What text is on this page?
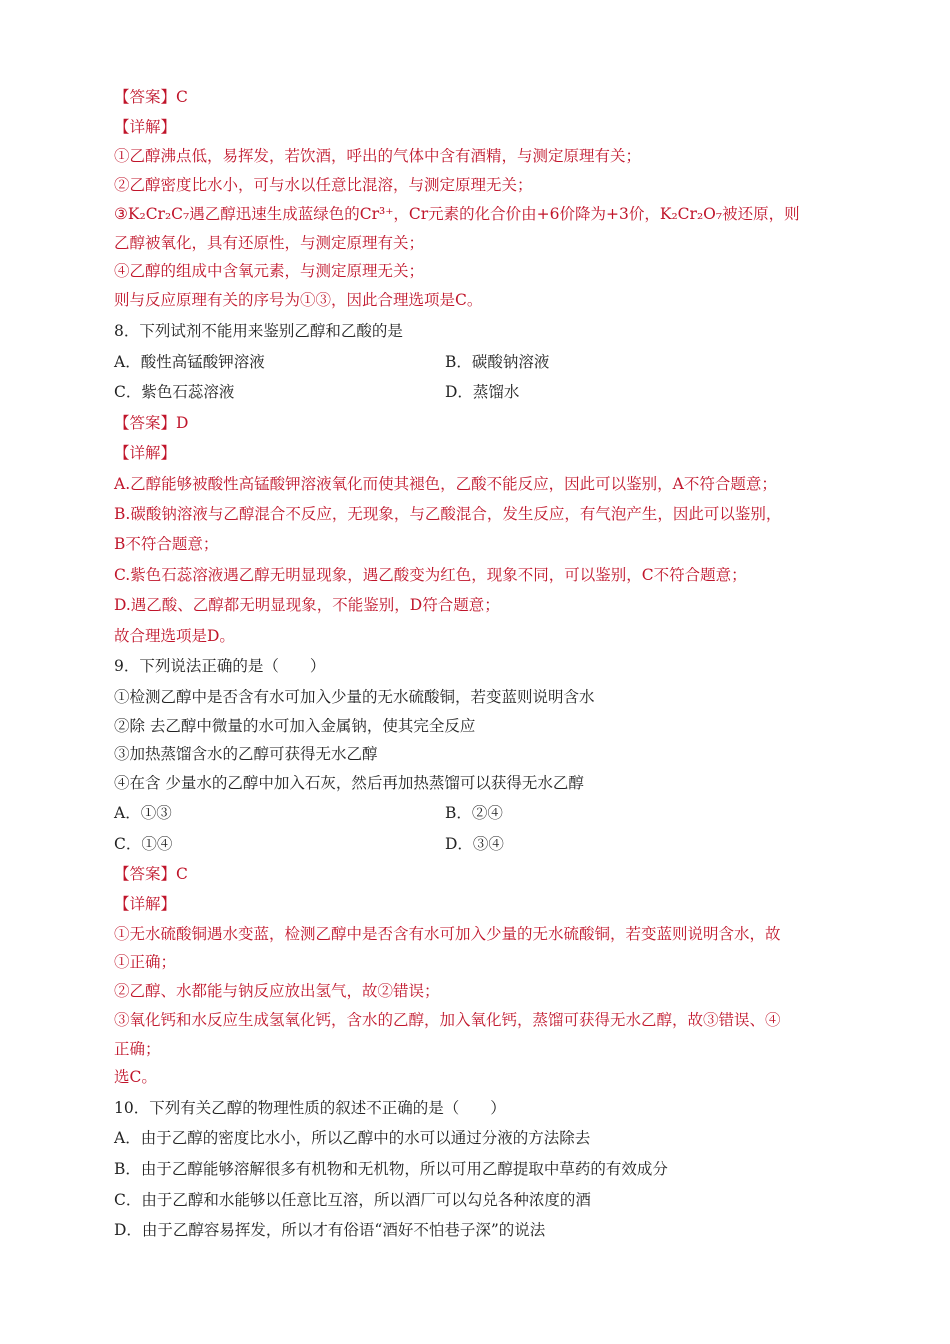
【答案】C
【详解】
①乙醇沸点低，易挥发，若饮酒，呼出的气体中含有酒精，与测定原理有关；
②乙醇密度比水小，可与水以任意比混溶，与测定原理无关；
③K₂Cr₂C₇遇乙醇迅速生成蓝绿色的Cr³⁺，Cr元素的化合价由+6价降为+3价，K₂Cr₂O₇被还原，则
乙醇被氧化，具有还原性，与测定原理有关；
④乙醇的组成中含氧元素，与测定原理无关；
则与反应原理有关的序号为①③，因此合理选项是C。
8．下列试剂不能用来鉴别乙醇和乙酸的是
A．酸性高锰酸钾溶液	B．碳酸钠溶液
C．紫色石蕊溶液	D．蒸馏水
【答案】D
【详解】
A.乙醇能够被酸性高锰酸钾溶液氧化而使其褪色，乙酸不能反应，因此可以鉴别，A不符合题意；
B.碳酸钠溶液与乙醇混合不反应，无现象，与乙酸混合，发生反应，有气泡产生，因此可以鉴别，
B不符合题意；
C.紫色石蕊溶液遇乙醇无明显现象，遇乙酸变为红色，现象不同，可以鉴别，C不符合题意；
D.遇乙酸、乙醇都无明显现象，不能鉴别，D符合题意；
故合理选项是D。
9．下列说法正确的是（　　）
①检测乙醇中是否含有水可加入少量的无水硫酸铜，若变蓝则说明含水
②除 去乙醇中微量的水可加入金属钠，使其完全反应
③加热蒸馏含水的乙醇可获得无水乙醇
④在含 少量水的乙醇中加入石灰，然后再加热蒸馏可以获得无水乙醇
A．①③	B．②④
C．①④	D．③④
【答案】C
【详解】
①无水硫酸铜遇水变蓝，检测乙醇中是否含有水可加入少量的无水硫酸铜，若变蓝则说明含水，故
①正确；
②乙醇、水都能与钠反应放出氢气，故②错误；
③氧化钙和水反应生成氢氧化钙，含水的乙醇，加入氧化钙，蒸馏可获得无水乙醇，故③错误、④
正确；
选C。
10．下列有关乙醇的物理性质的叙述不正确的是（　　）
A．由于乙醇的密度比水小，所以乙醇中的水可以通过分液的方法除去
B．由于乙醇能够溶解很多有机物和无机物，所以可用乙醇提取中草药的有效成分
C．由于乙醇和水能够以任意比互溶，所以酒厂可以勾兑各种浓度的酒
D．由于乙醇容易挥发，所以才有俗语“酒好不怕巷子深”的说法
